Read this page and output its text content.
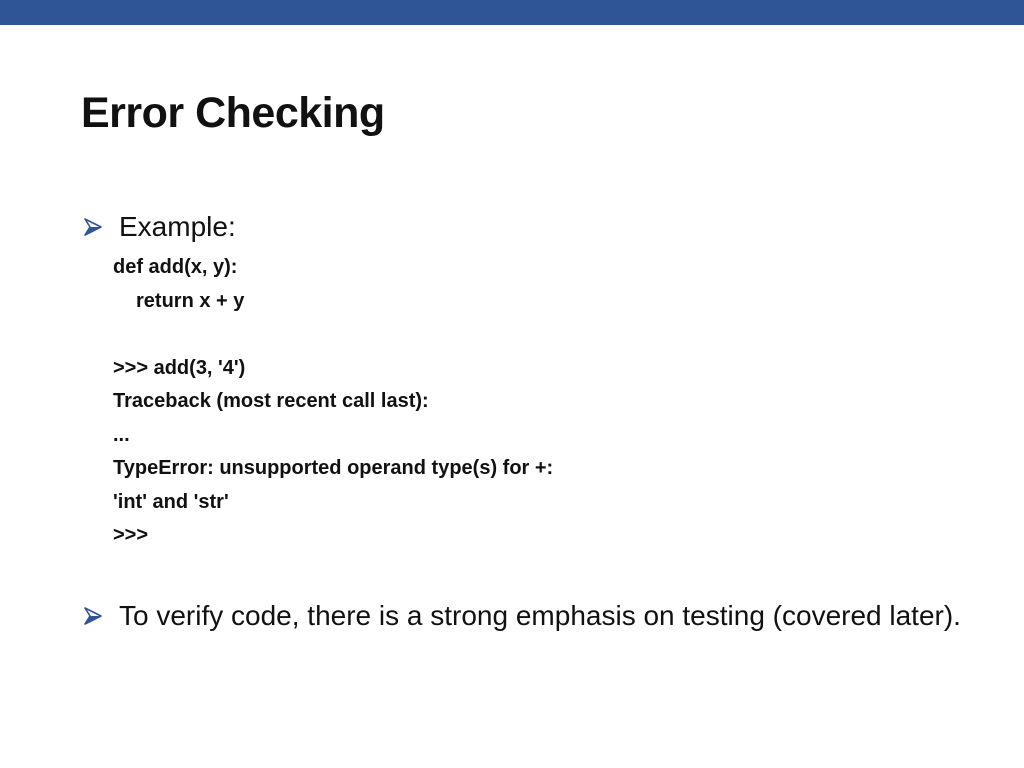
Error Checking
Example:
def add(x, y):
return x + y
>>> add(3, '4')
Traceback (most recent call last):
...
TypeError: unsupported operand type(s) for +:
'int' and 'str'
>>>
To verify code, there is a strong emphasis on testing (covered later).
